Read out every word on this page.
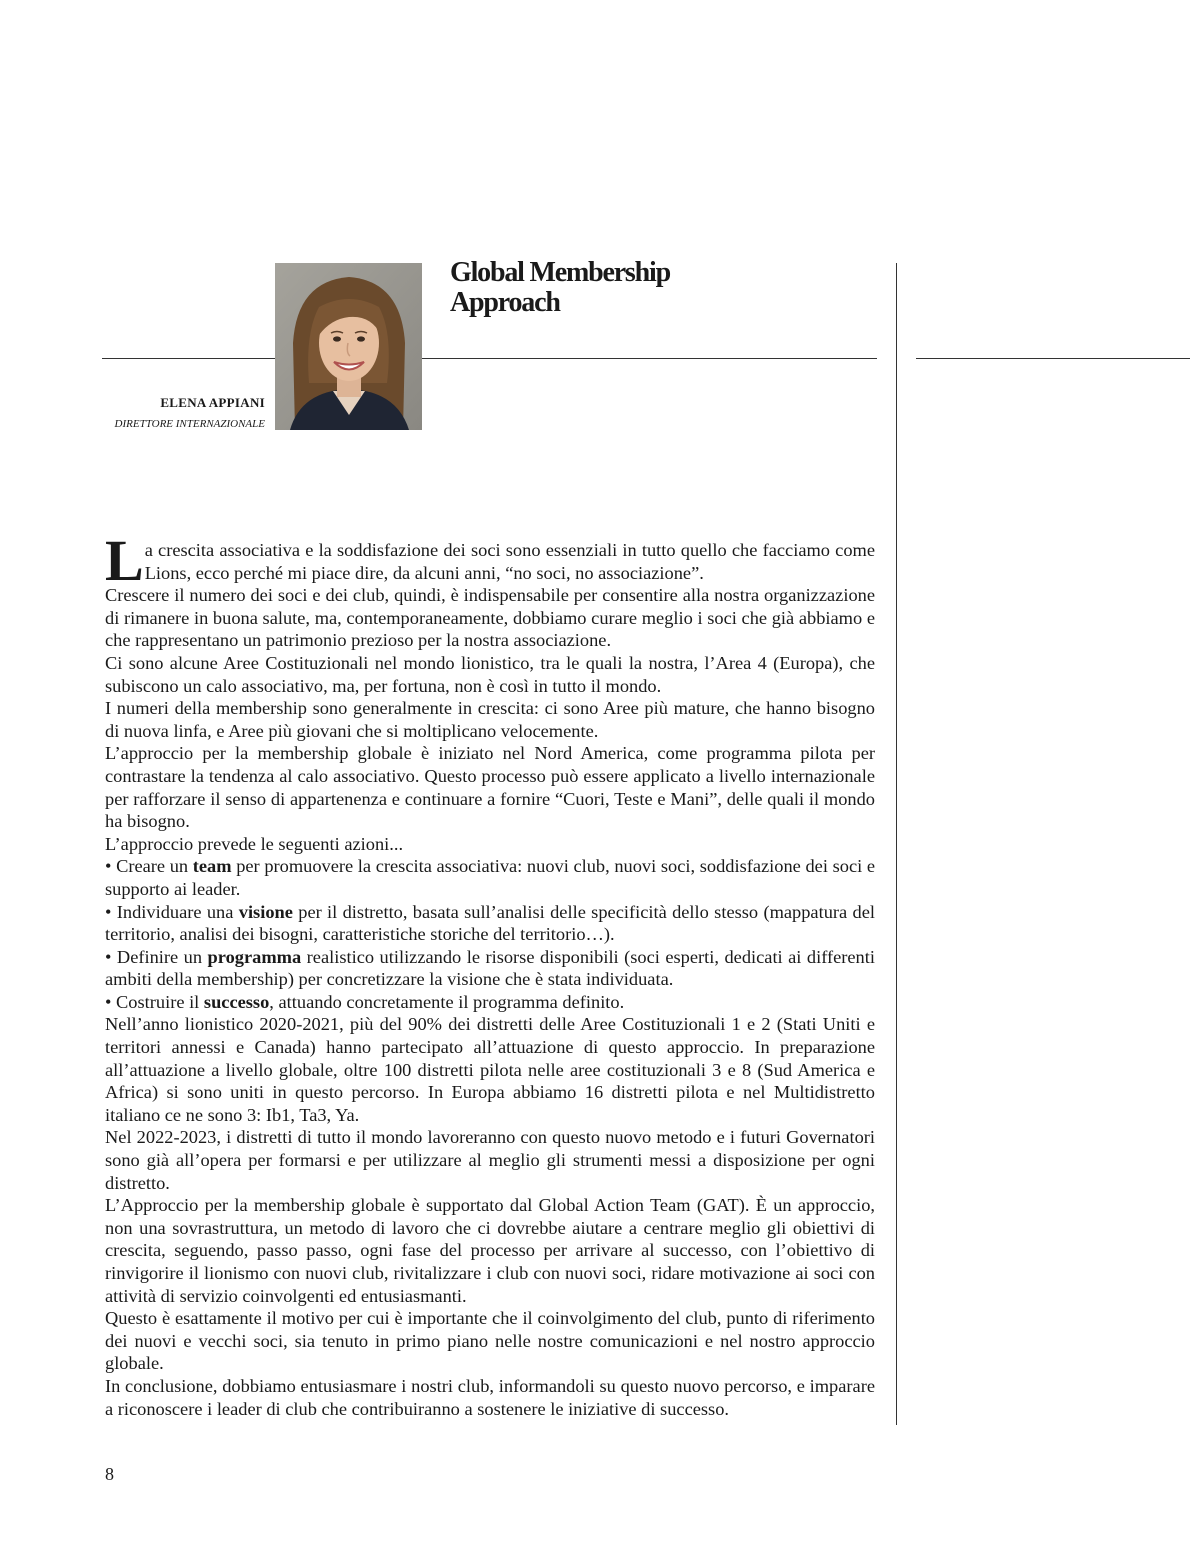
Global Membership
Approach
ELENA APPIANI
DIRETTORE INTERNAZIONALE

La crescita associativa e la soddisfazione dei soci sono essenziali in tutto quello che facciamo come Lions, ecco perché mi piace dire, da alcuni anni, “no soci, no associazione”.

Crescere il numero dei soci e dei club, quindi, è indispensabile per consentire alla nostra organizzazione di rimanere in buona salute, ma, contemporaneamente, dobbiamo curare meglio i soci che già abbiamo e che rappresentano un patrimonio prezioso per la nostra associazione.

Ci sono alcune Aree Costituzionali nel mondo lionistico, tra le quali la nostra, l’Area 4 (Europa), che subiscono un calo associativo, ma, per fortuna, non è così in tutto il mondo.

I numeri della membership sono generalmente in crescita: ci sono Aree più mature, che hanno bisogno di nuova linfa, e Aree più giovani che si moltiplicano velocemente.

L’approccio per la membership globale è iniziato nel Nord America, come programma pilota per contrastare la tendenza al calo associativo. Questo processo può essere applicato a livello internazionale per rafforzare il senso di appartenenza e continuare a fornire “Cuori, Teste e Mani”, delle quali il mondo ha bisogno.

L’approccio prevede le seguenti azioni...

• Creare un team per promuovere la crescita associativa: nuovi club, nuovi soci, soddisfazione dei soci e supporto ai leader.

• Individuare una visione per il distretto, basata sull’analisi delle specificità dello stesso (mappatura del territorio, analisi dei bisogni, caratteristiche storiche del territorio…).

• Definire un programma realistico utilizzando le risorse disponibili (soci esperti, dedicati ai differenti ambiti della membership) per concretizzare la visione che è stata individuata.

• Costruire il successo, attuando concretamente il programma definito.

Nell’anno lionistico 2020-2021, più del 90% dei distretti delle Aree Costituzionali 1 e 2 (Stati Uniti e territori annessi e Canada) hanno partecipato all’attuazione di questo approccio. In preparazione all’attuazione a livello globale, oltre 100 distretti pilota nelle aree costituzionali 3 e 8 (Sud America e Africa) si sono uniti in questo percorso. In Europa abbiamo 16 distretti pilota e nel Multidistretto italiano ce ne sono 3: Ib1, Ta3, Ya.

Nel 2022-2023, i distretti di tutto il mondo lavoreranno con questo nuovo metodo e i futuri Governatori sono già all’opera per formarsi e per utilizzare al meglio gli strumenti messi a disposizione per ogni distretto.

L’Approccio per la membership globale è supportato dal Global Action Team (GAT). È un approccio, non una sovrastruttura, un metodo di lavoro che ci dovrebbe aiutare a centrare meglio gli obiettivi di crescita, seguendo, passo passo, ogni fase del processo per arrivare al successo, con l’obiettivo di rinvigorire il lionismo con nuovi club, rivitalizzare i club con nuovi soci, ridare motivazione ai soci con attività di servizio coinvolgenti ed entusiasmanti.

Questo è esattamente il motivo per cui è importante che il coinvolgimento del club, punto di riferimento dei nuovi e vecchi soci, sia tenuto in primo piano nelle nostre comunicazioni e nel nostro approccio globale.

In conclusione, dobbiamo entusiasmare i nostri club, informandoli su questo nuovo percorso, e imparare a riconoscere i leader di club che contribuiranno a sostenere le iniziative di successo.

8
